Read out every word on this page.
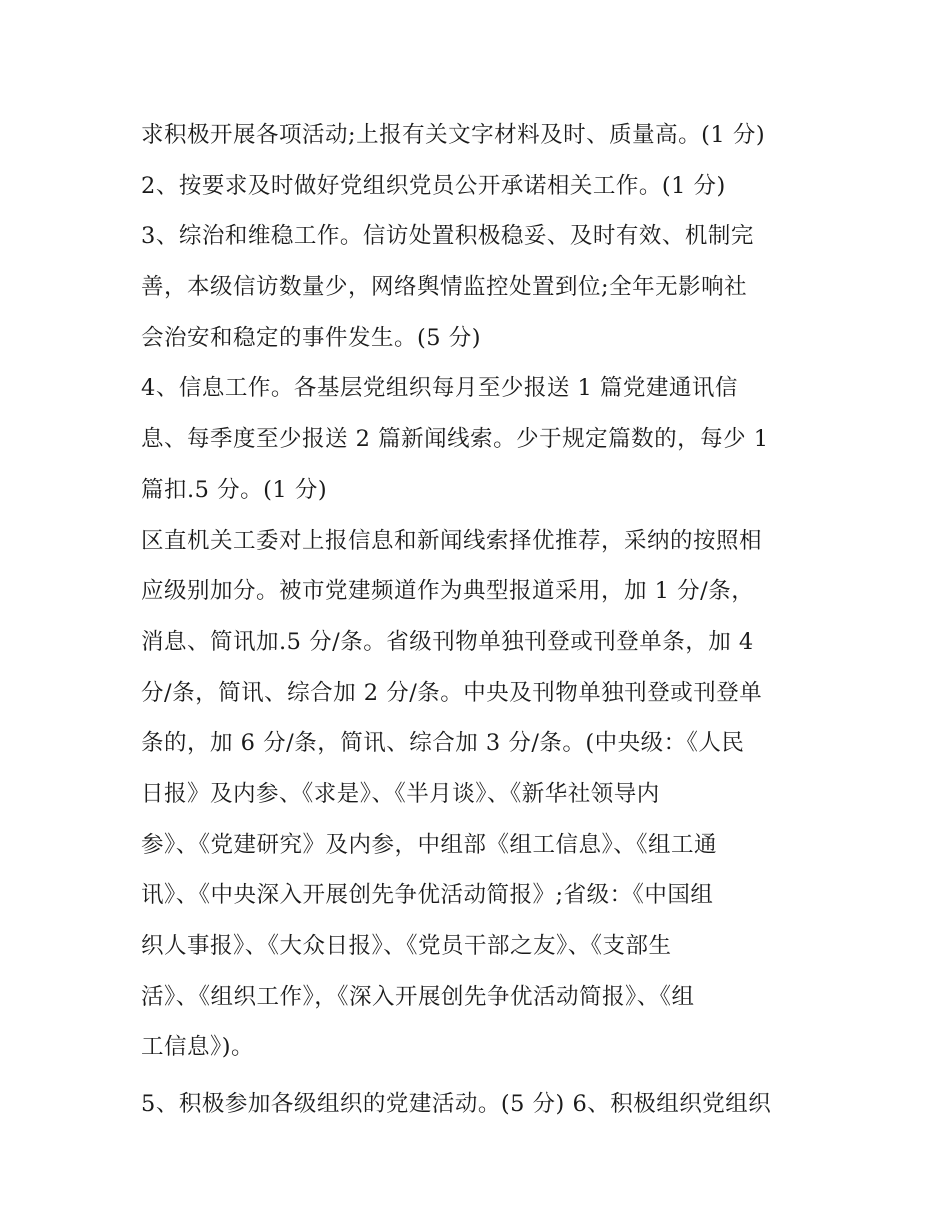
求积极开展各项活动;上报有关文字材料及时、质量高。(1 分)
2、按要求及时做好党组织党员公开承诺相关工作。(1 分)
3、综治和维稳工作。信访处置积极稳妥、及时有效、机制完
善，本级信访数量少，网络舆情监控处置到位;全年无影响社
会治安和稳定的事件发生。(5 分)
4、信息工作。各基层党组织每月至少报送 1 篇党建通讯信
息、每季度至少报送 2 篇新闻线索。少于规定篇数的，每少 1
篇扣.5 分。(1 分)
区直机关工委对上报信息和新闻线索择优推荐，采纳的按照相
应级别加分。被市党建频道作为典型报道采用，加 1 分/条，
消息、简讯加.5 分/条。省级刊物单独刊登或刊登单条，加 4
分/条，简讯、综合加 2 分/条。中央及刊物单独刊登或刊登单
条的，加 6 分/条，简讯、综合加 3 分/条。(中央级：《人民
日报》及内参、《求是》、《半月谈》、《新华社领导内
参》、《党建研究》及内参，中组部《组工信息》、《组工通
讯》、《中央深入开展创先争优活动简报》;省级：《中国组
织人事报》、《大众日报》、《党员干部之友》、《支部生
活》、《组织工作》，《深入开展创先争优活动简报》、《组
工信息》)。
5、积极参加各级组织的党建活动。(5 分) 6、积极组织党组织
